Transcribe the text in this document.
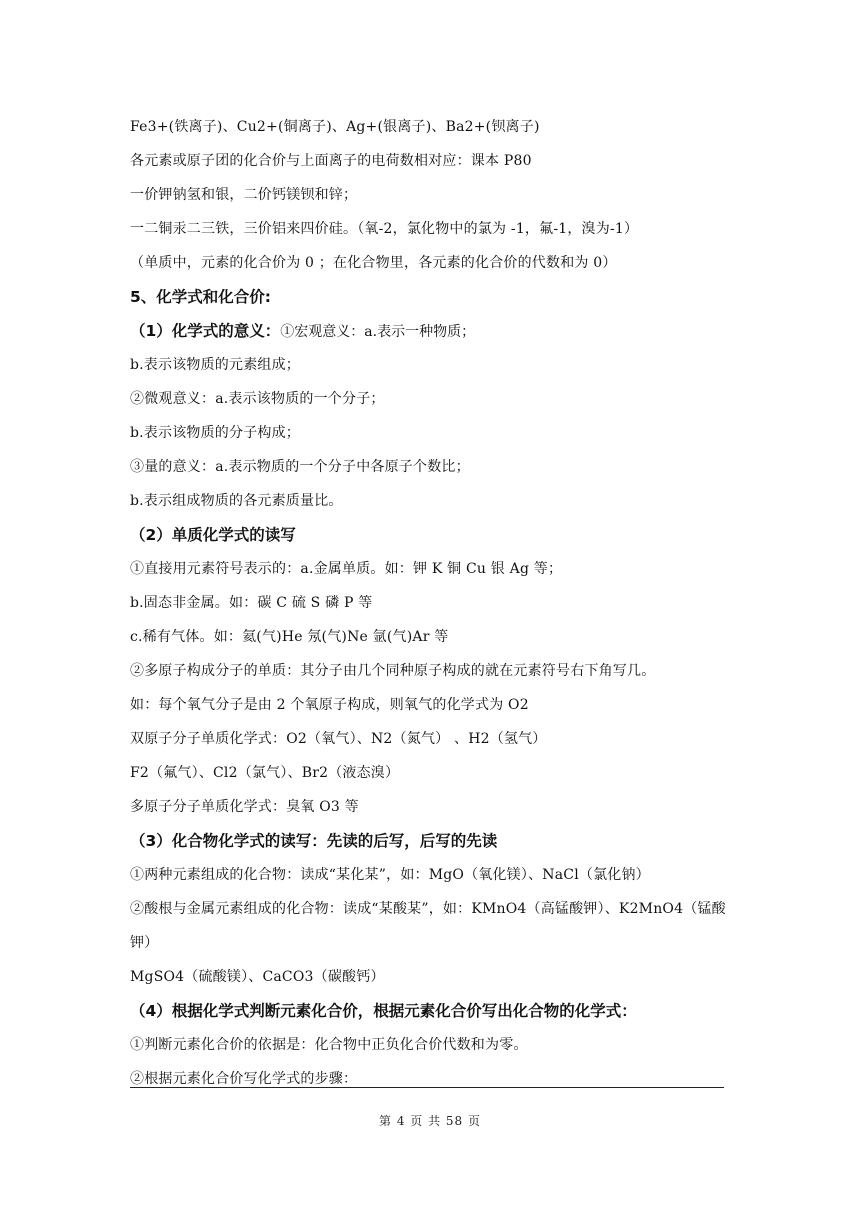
Fe3+(铁离子)、Cu2+(铜离子)、Ag+(银离子)、Ba2+(钡离子)
各元素或原子团的化合价与上面离子的电荷数相对应：课本 P80
一价钾钠氢和银，二价钙镁钡和锌；
一二铜汞二三铁，三价铝来四价硅。（氧-2，氯化物中的氯为 -1，氟-1，溴为-1）
（单质中，元素的化合价为 0 ；在化合物里，各元素的化合价的代数和为 0）
5、化学式和化合价:
（1）化学式的意义：①宏观意义：a.表示一种物质；
b.表示该物质的元素组成；
②微观意义：a.表示该物质的一个分子；
b.表示该物质的分子构成；
③量的意义：a.表示物质的一个分子中各原子个数比；
b.表示组成物质的各元素质量比。
（2）单质化学式的读写
①直接用元素符号表示的：a.金属单质。如：钾 K 铜 Cu 银 Ag 等；
b.固态非金属。如：碳 C 硫 S 磷 P 等
c.稀有气体。如：氦(气)He 氖(气)Ne 氩(气)Ar 等
②多原子构成分子的单质：其分子由几个同种原子构成的就在元素符号右下角写几。
如：每个氧气分子是由 2 个氧原子构成，则氧气的化学式为 O2
双原子分子单质化学式：O2（氧气）、N2（氮气） 、H2（氢气）
F2（氟气）、Cl2（氯气）、Br2（液态溴）
多原子分子单质化学式：臭氧 O3 等
（3）化合物化学式的读写：先读的后写，后写的先读
①两种元素组成的化合物：读成“某化某”，如：MgO（氧化镁）、NaCl（氯化钠）
②酸根与金属元素组成的化合物：读成“某酸某”，如：KMnO4（高锰酸钾）、K2MnO4（锰酸钾）
MgSO4（硫酸镁）、CaCO3（碳酸钙）
（4）根据化学式判断元素化合价，根据元素化合价写出化合物的化学式：
①判断元素化合价的依据是：化合物中正负化合价代数和为零。
②根据元素化合价写化学式的步骤：
第 4 页 共 58 页
